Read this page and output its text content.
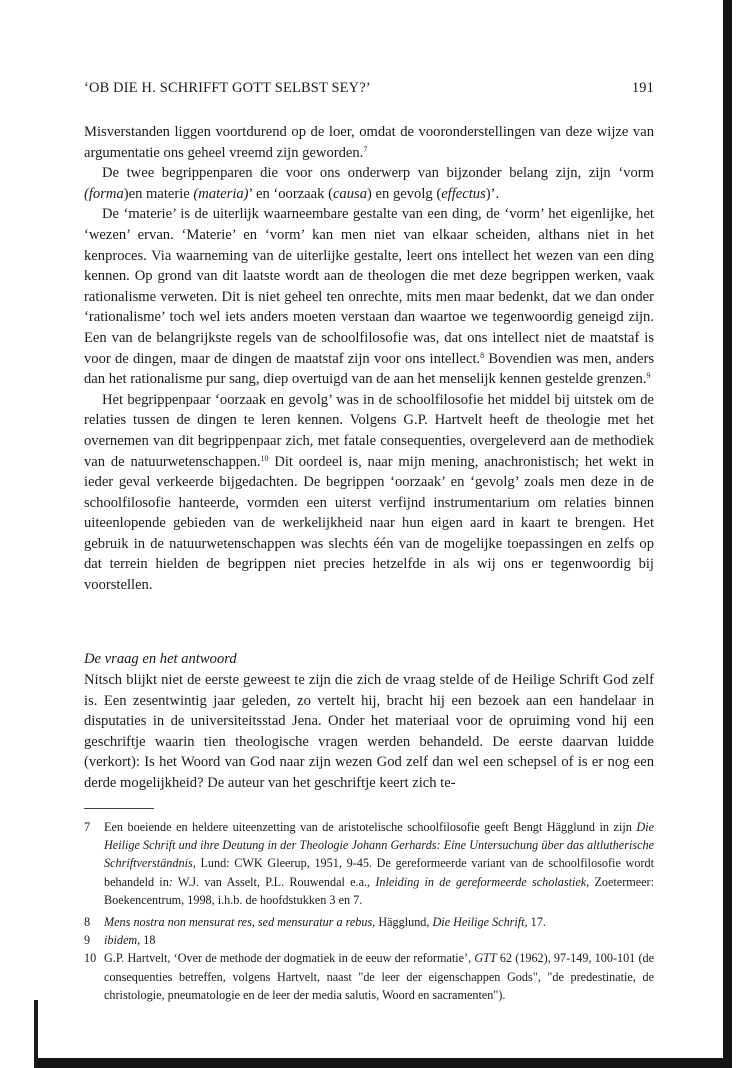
‘OB DIE H. SCHRIFFT GOTT SELBST SEY?’	191

Misverstanden liggen voortdurend op de loer, omdat de vooronderstellingen van deze wijze van argumentatie ons geheel vreemd zijn geworden.$^7$

De twee begrippenparen die voor ons onderwerp van bijzonder belang zijn, zijn ‘vorm (forma)en materie (materia)’ en ‘oorzaak (causa) en gevolg (effectus)’.

De ‘materie’ is de uiterlijk waarneembare gestalte van een ding, de ‘vorm’ het eigenlijke, het ‘wezen’ ervan. ‘Materie’ en ‘vorm’ kan men niet van elkaar scheiden, althans niet in het kenproces. Via waarneming van de uiterlijke gestalte, leert ons intellect het wezen van een ding kennen. Op grond van dit laatste wordt aan de theologen die met deze begrippen werken, vaak rationalisme verweten. Dit is niet geheel ten onrechte, mits men maar bedenkt, dat we dan onder ‘rationalisme’ toch wel iets anders moeten verstaan dan waartoe we tegenwoordig geneigd zijn. Een van de belangrijkste regels van de schoolfilosofie was, dat ons intellect niet de maatstaf is voor de dingen, maar de dingen de maatstaf zijn voor ons intellect.$^8$ Bovendien was men, anders dan het rationalisme pur sang, diep overtuigd van de aan het menselijk kennen gestelde grenzen.$^9$

Het begrippenpaar ‘oorzaak en gevolg’ was in de schoolfilosofie het middel bij uitstek om de relaties tussen de dingen te leren kennen. Volgens G.P. Hartvelt heeft de theologie met het overnemen van dit begrippenpaar zich, met fatale consequenties, overgeleverd aan de methodiek van de natuurwetenschappen.$^{10}$ Dit oordeel is, naar mijn mening, anachronistisch; het wekt in ieder geval verkeerde bijgedachten. De begrippen ‘oorzaak’ en ‘gevolg’ zoals men deze in de schoolfilosofie hanteerde, vormden een uiterst verfijnd instrumentarium om relaties binnen uiteenlopende gebieden van de werkelijkheid naar hun eigen aard in kaart te brengen. Het gebruik in de natuurwetenschappen was slechts één van de mogelijke toepassingen en zelfs op dat terrein hielden de begrippen niet precies hetzelfde in als wij ons er tegenwoordig bij voorstellen.

De vraag en het antwoord
Nitsch blijkt niet de eerste geweest te zijn die zich de vraag stelde of de Heilige Schrift God zelf is. Een zesentwintig jaar geleden, zo vertelt hij, bracht hij een bezoek aan een handelaar in disputaties in de universiteitsstad Jena. Onder het materiaal voor de opruiming vond hij een geschriftje waarin tien theologische vragen werden behandeld. De eerste daarvan luidde (verkort): Is het Woord van God naar zijn wezen God zelf dan wel een schepsel of is er nog een derde mogelijkheid? De auteur van het geschriftje keert zich te-
7 Een boeiende en heldere uiteenzetting van de aristotelische schoolfilosofie geeft Bengt Hägglund in zijn Die Heilige Schrift und ihre Deutung in der Theologie Johann Gerhards: Eine Untersuchung über das altlutherische Schriftverständnis, Lund: CWK Gleerup, 1951, 9-45. De gereformeerde variant van de schoolfilosofie wordt behandeld in: W.J. van Asselt, P.L. Rouwendal e.a., Inleiding in de gereformeerde scholastiek, Zoetermeer: Boekencentrum, 1998, i.h.b. de hoofdstukken 3 en 7.
8 Mens nostra non mensurat res, sed mensuratur a rebus, Hägglund, Die Heilige Schrift, 17.
9 ibidem, 18
10 G.P. Hartvelt, ‘Over de methode der dogmatiek in de eeuw der reformatie’, GTT 62 (1962), 97-149, 100-101 (de consequenties betreffen, volgens Hartvelt, naast "de leer der eigenschappen Gods", "de predestinatie, de christologie, pneumatologie en de leer der media salutis, Woord en sacramenten").
